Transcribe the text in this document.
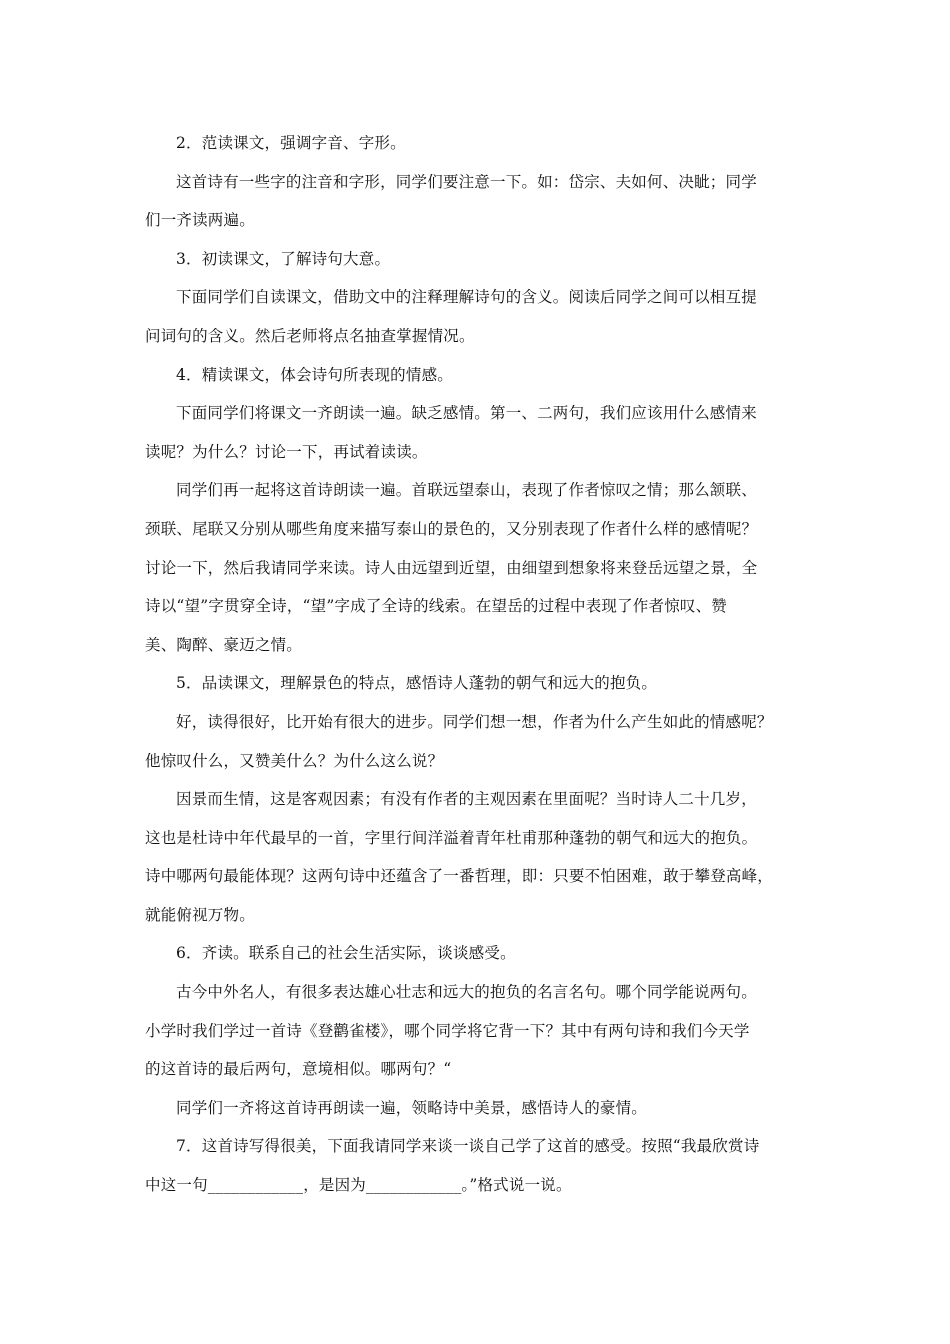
2．范读课文，强调字音、字形。
这首诗有一些字的注音和字形，同学们要注意一下。如：岱宗、夫如何、决眦；同学
们一齐读两遍。
3．初读课文，了解诗句大意。
下面同学们自读课文，借助文中的注释理解诗句的含义。阅读后同学之间可以相互提
问词句的含义。然后老师将点名抽查掌握情况。
4．精读课文，体会诗句所表现的情感。
下面同学们将课文一齐朗读一遍。缺乏感情。第一、二两句，我们应该用什么感情来
读呢？为什么？讨论一下，再试着读读。
同学们再一起将这首诗朗读一遍。首联远望泰山，表现了作者惊叹之情；那么颔联、
颈联、尾联又分别从哪些角度来描写泰山的景色的，又分别表现了作者什么样的感情呢？
讨论一下，然后我请同学来读。诗人由远望到近望，由细望到想象将来登岳远望之景，全
诗以“望”字贯穿全诗，“望”字成了全诗的线索。在望岳的过程中表现了作者惊叹、赞
美、陶醉、豪迈之情。
5．品读课文，理解景色的特点，感悟诗人蓬勃的朝气和远大的抱负。
好，读得很好，比开始有很大的进步。同学们想一想，作者为什么产生如此的情感呢？
他惊叹什么，又赞美什么？为什么这么说？
因景而生情，这是客观因素；有没有作者的主观因素在里面呢？当时诗人二十几岁，
这也是杜诗中年代最早的一首，字里行间洋溢着青年杜甫那种蓬勃的朝气和远大的抱负。
诗中哪两句最能体现？这两句诗中还蕴含了一番哲理，即：只要不怕困难，敢于攀登高峰，
就能俯视万物。
6．齐读。联系自己的社会生活实际，谈谈感受。
古今中外名人，有很多表达雄心壮志和远大的抱负的名言名句。哪个同学能说两句。
小学时我们学过一首诗《登鹳雀楼》，哪个同学将它背一下？其中有两句诗和我们今天学
的这首诗的最后两句，意境相似。哪两句？“
同学们一齐将这首诗再朗读一遍，领略诗中美景，感悟诗人的豪情。
7．这首诗写得很美，下面我请同学来谈一谈自己学了这首的感受。按照“我最欣赏诗
中这一句____________，是因为____________。”格式说一说。
